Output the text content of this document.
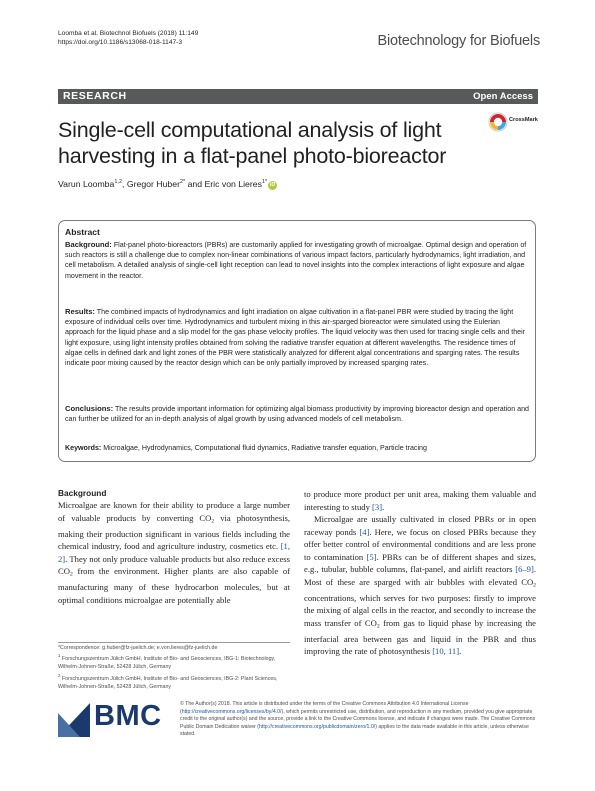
Loomba et al. Biotechnol Biofuels (2018) 11:149
https://doi.org/10.1186/s13068-018-1147-3	Biotechnology for Biofuels
RESEARCH	Open Access
Single-cell computational analysis of light
harvesting in a flat-panel photo-bioreactor
CrossMark
Varun Loomba$^{1,2}$, Gregor Huber$^{2*}$ and Eric von Lieres$^{1*}$ iD
Abstract
Background: Flat-panel photo-bioreactors (PBRs) are customarily applied for investigating growth of microalgae. Optimal design and operation of such reactors is still a challenge due to complex non-linear combinations of various impact factors, particularly hydrodynamics, light irradiation, and cell metabolism. A detailed analysis of single-cell light reception can lead to novel insights into the complex interactions of light exposure and algae movement in the reactor.
Results: The combined impacts of hydrodynamics and light irradiation on algae cultivation in a flat-panel PBR were studied by tracing the light exposure of individual cells over time. Hydrodynamics and turbulent mixing in this air-sparged bioreactor were simulated using the Eulerian approach for the liquid phase and a slip model for the gas phase velocity profiles. The liquid velocity was then used for tracing single cells and their light exposure, using light intensity profiles obtained from solving the radiative transfer equation at different wavelengths. The residence times of algae cells in defined dark and light zones of the PBR were statistically analyzed for different algal concentrations and sparging rates. The results indicate poor mixing caused by the reactor design which can be only partially improved by increased sparging rates.
Conclusions: The results provide important information for optimizing algal biomass productivity by improving bioreactor design and operation and can further be utilized for an in-depth analysis of algal growth by using advanced models of cell metabolism.
Keywords: Microalgae, Hydrodynamics, Computational fluid dynamics, Radiative transfer equation, Particle tracing
Background
Microalgae are known for their ability to produce a large number of valuable products by converting $CO_2$ via photosynthesis, making their production significant in various fields including the chemical industry, food and agriculture industry, cosmetics etc. [1, 2]. They not only produce valuable products but also reduce excess $CO_2$ from the environment. Higher plants are also capable of manufacturing many of these hydrocarbon molecules, but at optimal conditions microalgae are potentially able
to produce more product per unit area, making them valuable and interesting to study [3].
Microalgae are usually cultivated in closed PBRs or in open raceway ponds [4]. Here, we focus on closed PBRs because they offer better control of environmental conditions and are less prone to contamination [5]. PBRs can be of different shapes and sizes, e.g., tubular, bubble columns, flat-panel, and airlift reactors [6–9]. Most of these are sparged with air bubbles with elevated $CO_2$ concentrations, which serves for two purposes: firstly to improve the mixing of algal cells in the reactor, and secondly to increase the mass transfer of $CO_2$ from gas to liquid phase by increasing the interfacial area between gas and liquid in the PBR and thus improving the rate of photosynthesis [10, 11].
*Correspondence: g.huber@fz-juelich.de; e.von.lieres@fz-juelich.de
$^1$ Forschungszentrum Jülich GmbH, Institute of Bio- and Geosciences, IBG-1: Biotechnology, Wilhelm-Johnen-Straße, 52428 Jülich, Germany
$^2$ Forschungszentrum Jülich GmbH, Institute of Bio- and Geosciences, IBG-2: Plant Sciences, Wilhelm-Johnen-Straße, 52428 Jülich, Germany
BMC	© The Author(s) 2018. This article is distributed under the terms of the Creative Commons Attribution 4.0 International License (http://creativecommons.org/licenses/by/4.0/), which permits unrestricted use, distribution, and reproduction in any medium, provided you give appropriate credit to the original author(s) and the source, provide a link to the Creative Commons license, and indicate if changes were made. The Creative Commons Public Domain Dedication waiver (http://creativecommons.org/publicdomain/zero/1.0/) applies to the data made available in this article, unless otherwise stated.
